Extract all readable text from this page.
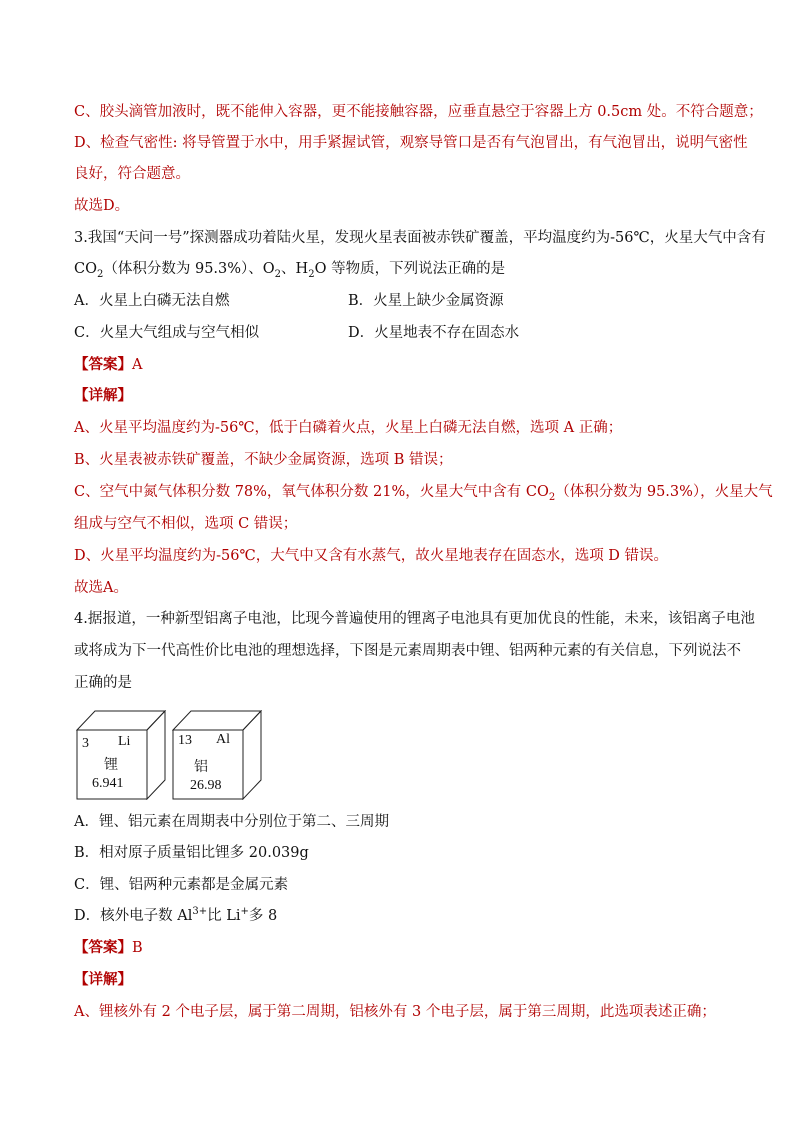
C、胶头滴管加液时，既不能伸入容器，更不能接触容器，应垂直悬空于容器上方 0.5cm 处。不符合题意；
D、检查气密性: 将导管置于水中，用手紧握试管，观察导管口是否有气泡冒出，有气泡冒出，说明气密性
良好，符合题意。
故选D。
3.我国“天问一号”探测器成功着陆火星，发现火星表面被赤铁矿覆盖，平均温度约为-56℃，火星大气中含有
$CO_2$（体积分数为 95.3%）、$O_2$、$H_2O$ 等物质，下列说法正确的是
A．火星上白磷无法自燃	B．火星上缺少金属资源
C．火星大气组成与空气相似	D．火星地表不存在固态水
【答案】A
【详解】
A、火星平均温度约为-56℃，低于白磷着火点，火星上白磷无法自燃，选项 A 正确；
B、火星表被赤铁矿覆盖，不缺少金属资源，选项 B 错误；
C、空气中氮气体积分数 78%，氧气体积分数 21%，火星大气中含有 $CO_2$（体积分数为 95.3%），火星大气
组成与空气不相似，选项 C 错误；
D、火星平均温度约为-56℃，大气中又含有水蒸气，故火星地表存在固态水，选项 D 错误。
故选A。
4.据报道，一种新型铝离子电池，比现今普遍使用的锂离子电池具有更加优良的性能，未来，该铝离子电池
或将成为下一代高性价比电池的理想选择，下图是元素周期表中锂、铝两种元素的有关信息，下列说法不
正确的是
3 Li
锂
6.941
13 Al
铝
26.98
A．锂、铝元素在周期表中分别位于第二、三周期
B．相对原子质量铝比锂多 20.039g
C．锂、铝两种元素都是金属元素
D．核外电子数 $Al^{3+}$比 Li+多 8
【答案】B
【详解】
A、锂核外有 2 个电子层，属于第二周期，铝核外有 3 个电子层，属于第三周期，此选项表述正确；
